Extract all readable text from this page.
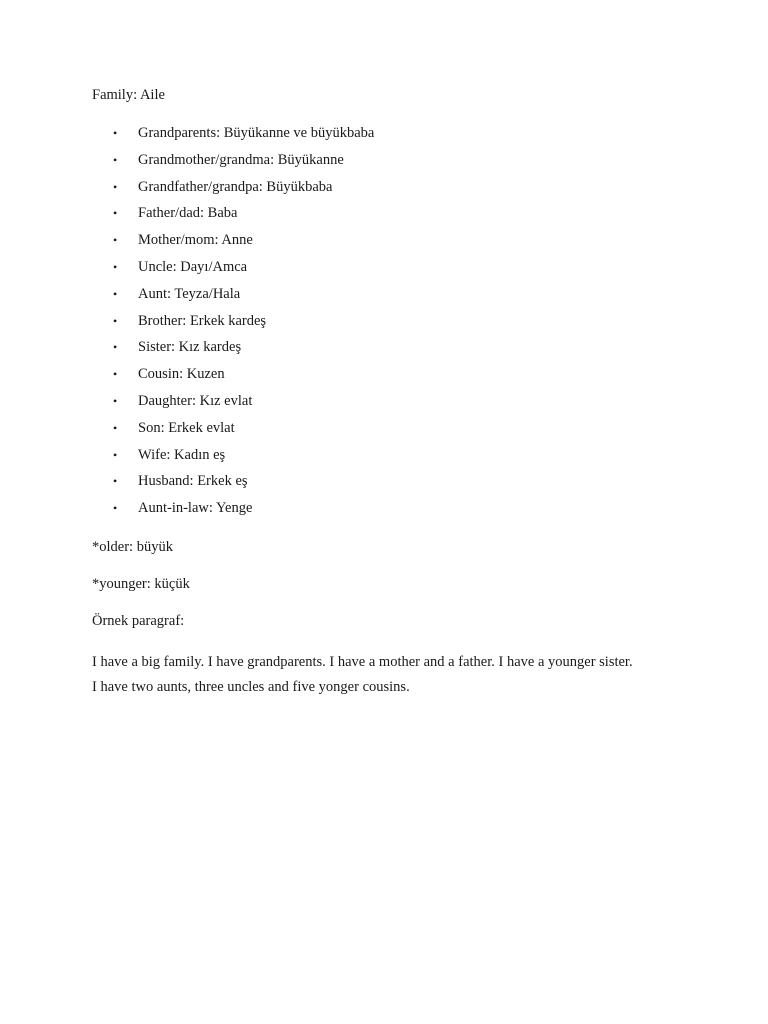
Family: Aile

• Grandparents: Büyükanne ve büyükbaba
• Grandmother/grandma: Büyükanne
• Grandfather/grandpa: Büyükbaba
• Father/dad: Baba
• Mother/mom: Anne
• Uncle: Dayı/Amca
• Aunt: Teyza/Hala
• Brother: Erkek kardeş
• Sister: Kız kardeş
• Cousin: Kuzen
• Daughter: Kız evlat
• Son: Erkek evlat
• Wife: Kadın eş
• Husband: Erkek eş
• Aunt-in-law: Yenge

*older: büyük

*younger: küçük

Örnek paragraf:

I have a big family. I have grandparents. I have a mother and a father. I have a younger sister.
I have two aunts, three uncles and five yonger cousins.
